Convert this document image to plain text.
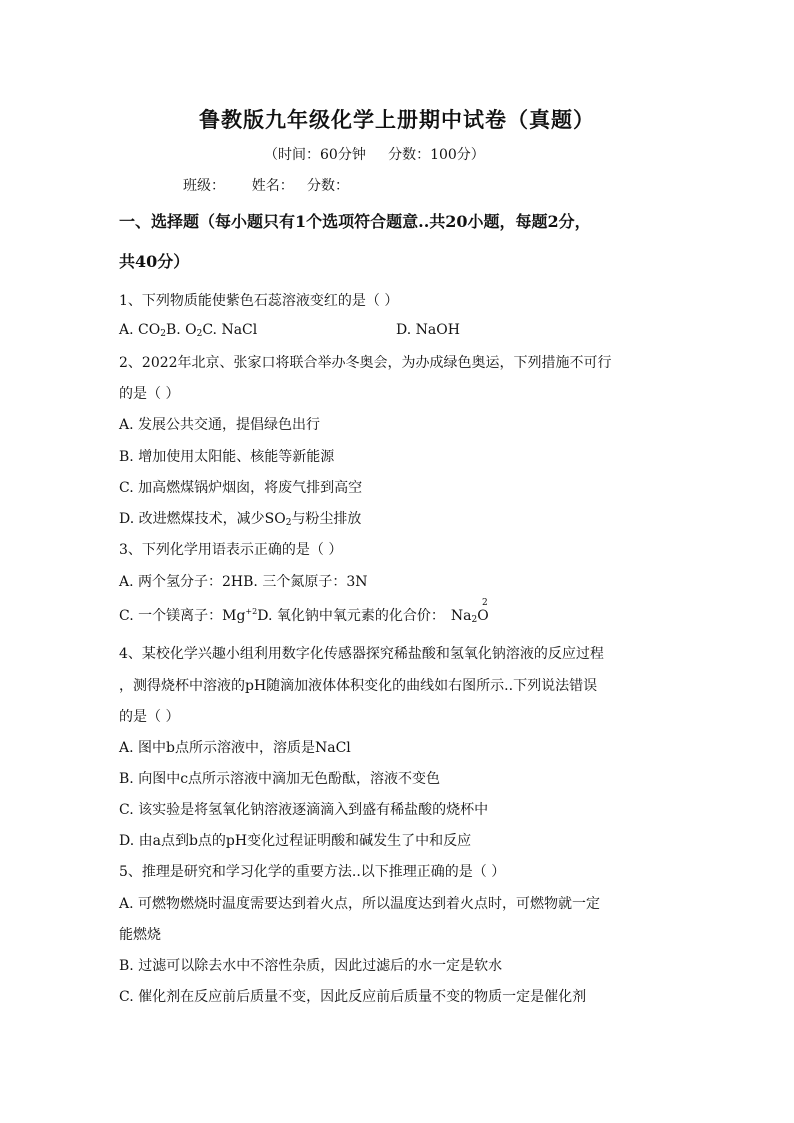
鲁教版九年级化学上册期中试卷（真题）
（时间：60分钟     分数：100分）
班级：      姓名：   分数：
一、选择题（每小题只有1个选项符合题意..共20小题，每题2分，
共40分）
1、下列物质能使紫色石蕊溶液变红的是（ ）
A. $CO_2B$. $O_2C$. NaCl	D. NaOH
2、2022年北京、张家口将联合举办冬奥会，为办成绿色奥运，下列措施不可行
的是（ ）
A. 发展公共交通，提倡绿色出行
B. 增加使用太阳能、核能等新能源
C. 加高燃煤锅炉烟囱，将废气排到高空
D. 改进燃煤技术，减少$SO_2$与粉尘排放
3、下列化学用语表示正确的是（ ）
A. 两个氢分子：2HB. 三个氮原子：3N
C. 一个镁离子：$Mg^{+2}D$. 氧化钠中氧元素的化合价： $Na_2O$
2
4、某校化学兴趣小组利用数字化传感器探究稀盐酸和氢氧化钠溶液的反应过程
，测得烧杯中溶液的pH随滴加液体体积变化的曲线如右图所示..下列说法错误
的是（ ）
A. 图中b点所示溶液中，溶质是NaCl
B. 向图中c点所示溶液中滴加无色酚酞，溶液不变色
C. 该实验是将氢氧化钠溶液逐滴滴入到盛有稀盐酸的烧杯中
D. 由a点到b点的pH变化过程证明酸和碱发生了中和反应
5、推理是研究和学习化学的重要方法..以下推理正确的是（ ）
A. 可燃物燃烧时温度需要达到着火点，所以温度达到着火点时，可燃物就一定
能燃烧
B. 过滤可以除去水中不溶性杂质，因此过滤后的水一定是软水
C. 催化剂在反应前后质量不变，因此反应前后质量不变的物质一定是催化剂
